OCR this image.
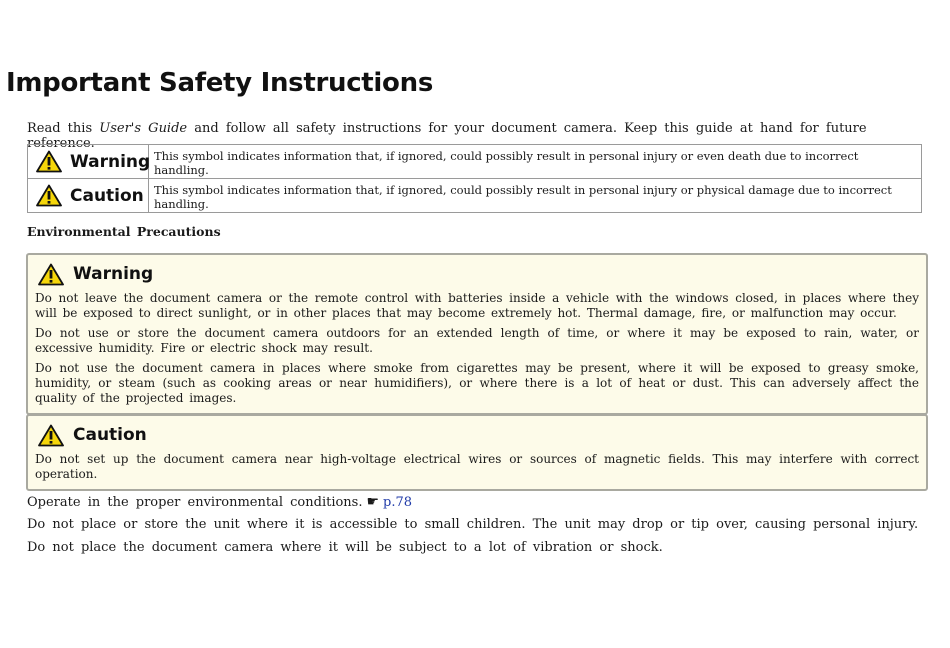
Important Safety Instructions

Read this User's Guide and follow all safety instructions for your document camera. Keep this guide at hand for future reference.

Warning	This symbol indicates information that, if ignored, could possibly result in personal injury or even death due to incorrect handling.

Caution	This symbol indicates information that, if ignored, could possibly result in personal injury or physical damage due to incorrect handling.
Environmental Precautions
Warning

Do not leave the document camera or the remote control with batteries inside a vehicle with the windows closed, in places where they will be exposed to direct sunlight, or in other places that may become extremely hot. Thermal damage, fire, or malfunction may occur.

Do not use or store the document camera outdoors for an extended length of time, or where it may be exposed to rain, water, or excessive humidity. Fire or electric shock may result.

Do not use the document camera in places where smoke from cigarettes may be present, where it will be exposed to greasy smoke, humidity, or steam (such as cooking areas or near humidifiers), or where there is a lot of heat or dust. This can adversely affect the quality of the projected images.

Caution

Do not set up the document camera near high-voltage electrical wires or sources of magnetic fields. This may interfere with correct operation.

Operate in the proper environmental conditions. ☛ p.78

Do not place or store the unit where it is accessible to small children. The unit may drop or tip over, causing personal injury.

Do not place the document camera where it will be subject to a lot of vibration or shock.
